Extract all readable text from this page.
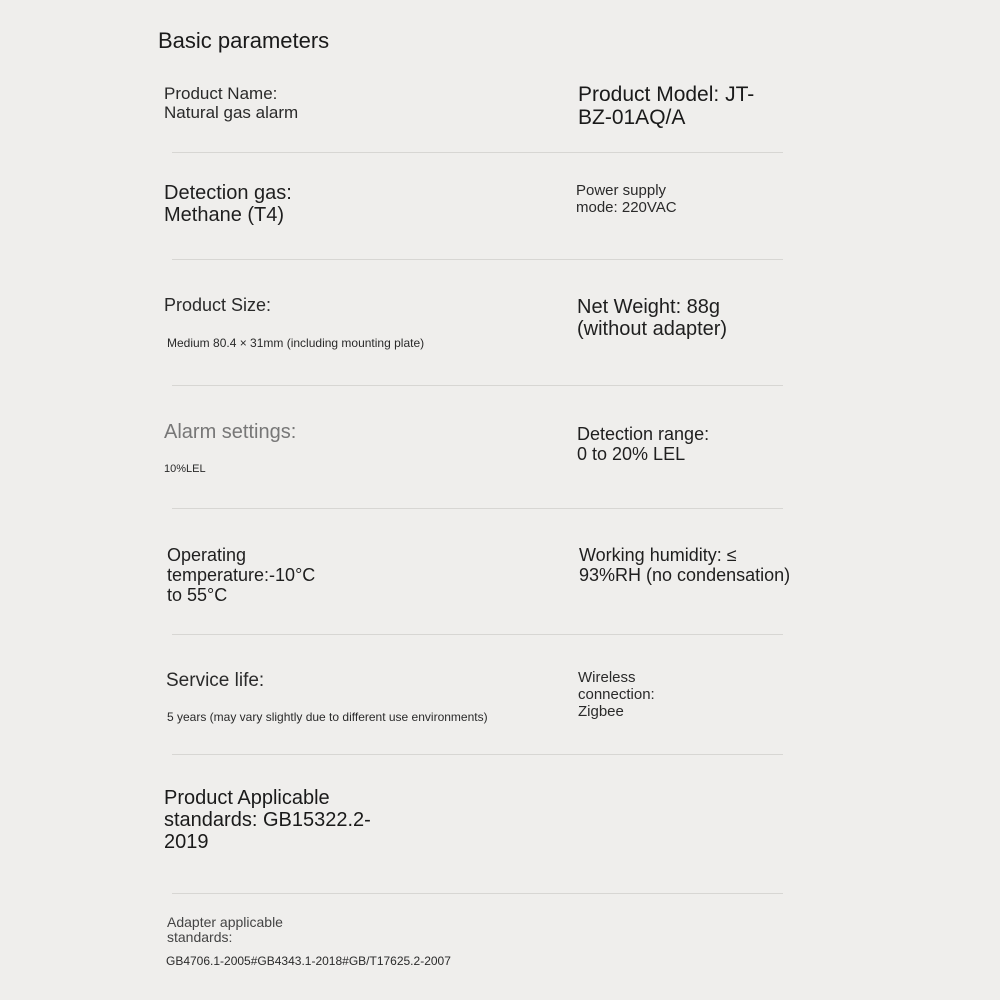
Basic parameters
Product Name:
Natural gas alarm
Product Model: JT-
BZ-01AQ/A
Detection gas:
Methane (T4)
Power supply
mode: 220VAC
Product Size:
Medium 80.4 × 31mm (including mounting plate)
Net Weight: 88g
(without adapter)
Alarm settings:
10%LEL
Detection range:
0 to 20% LEL
Operating
temperature:-10°C
to 55°C
Working humidity: ≤
93%RH (no condensation)
Service life:
5 years (may vary slightly due to different use environments)
Wireless
connection:
Zigbee
Product Applicable
standards: GB15322.2-
2019
Adapter applicable
standards:
GB4706.1-2005#GB4343.1-2018#GB/T17625.2-2007
